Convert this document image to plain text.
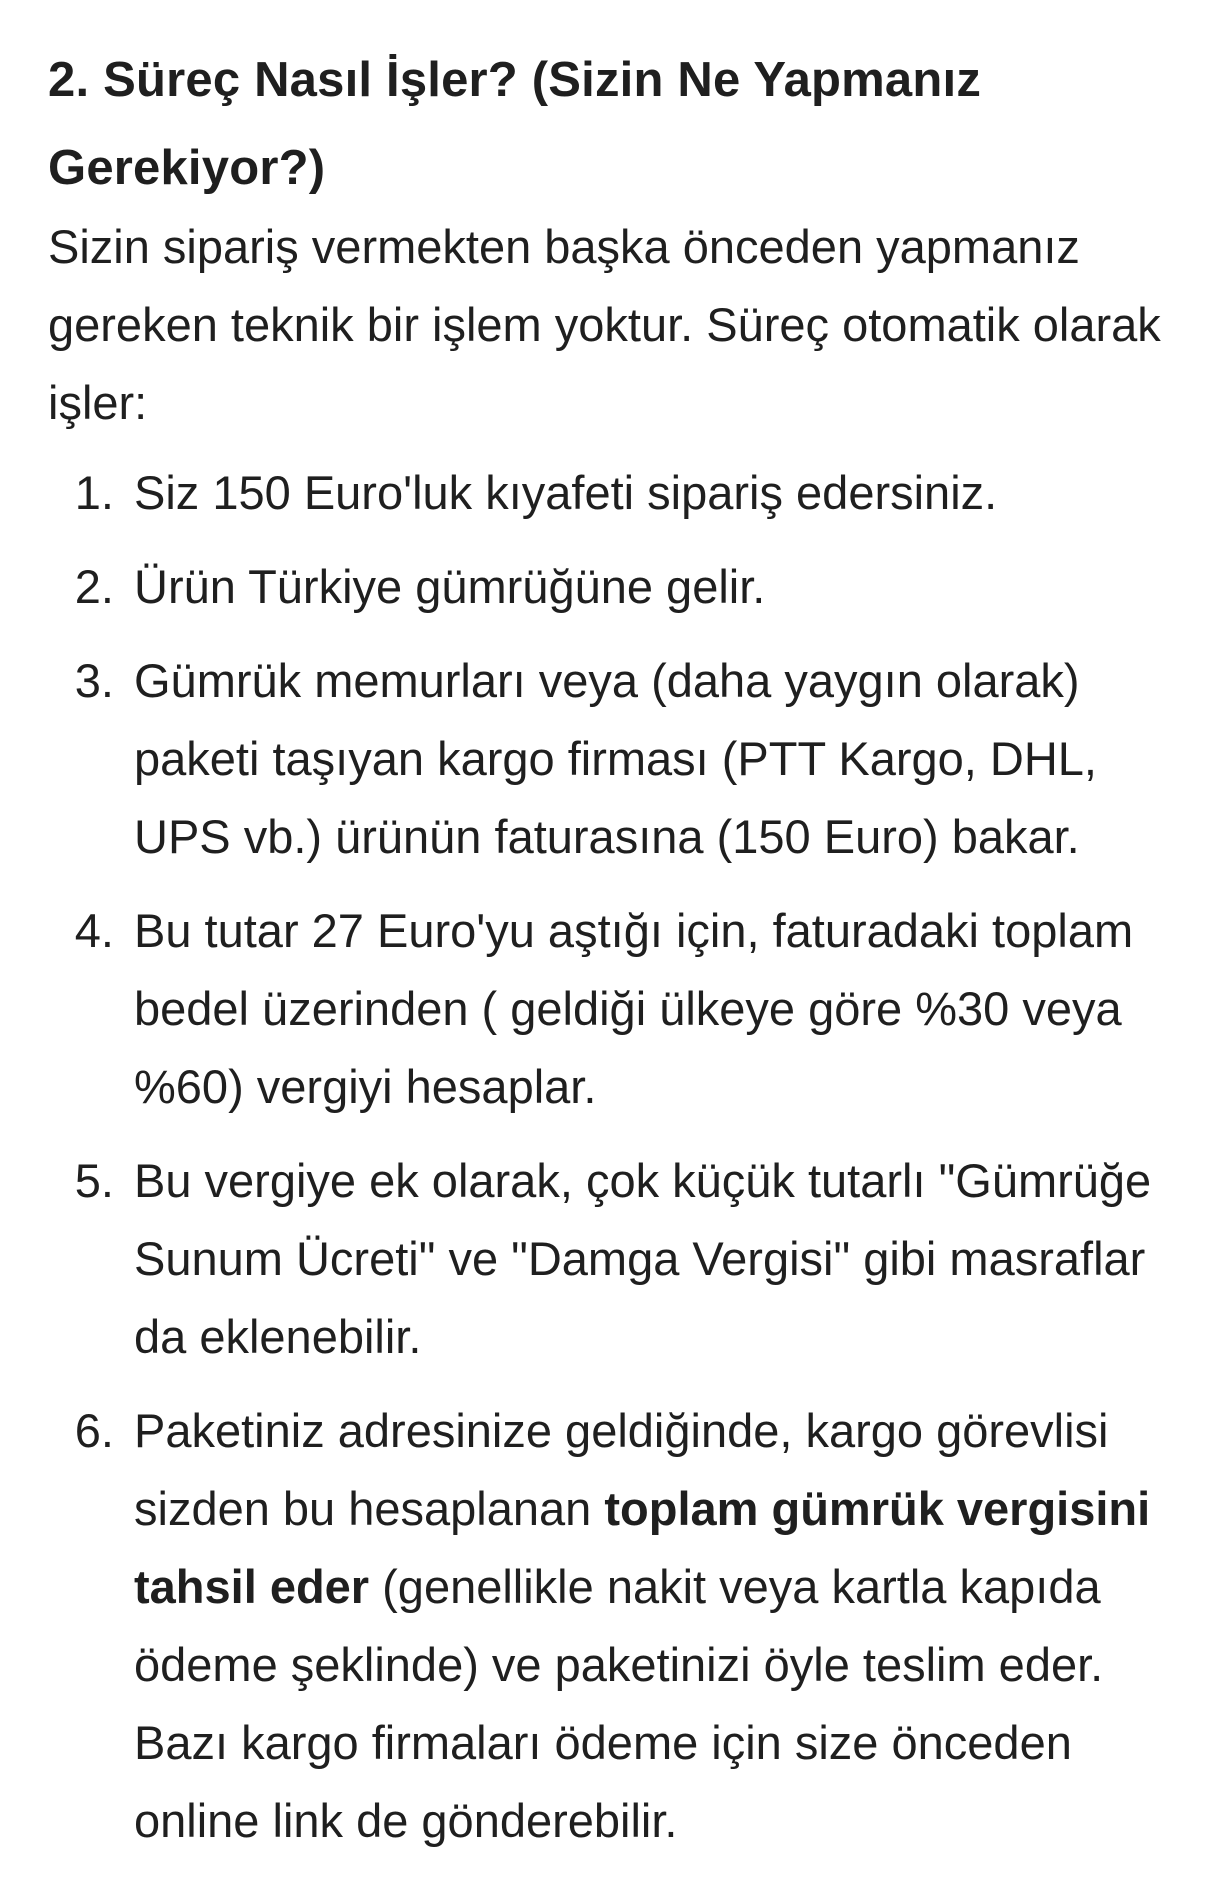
2. Süreç Nasıl İşler? (Sizin Ne Yapmanız Gerekiyor?)

Sizin sipariş vermekten başka önceden yapmanız gereken teknik bir işlem yoktur. Süreç otomatik olarak işler:

1. Siz 150 Euro'luk kıyafeti sipariş edersiniz.
2. Ürün Türkiye gümrüğüne gelir.
3. Gümrük memurları veya (daha yaygın olarak) paketi taşıyan kargo firması (PTT Kargo, DHL, UPS vb.) ürünün faturasına (150 Euro) bakar.
4. Bu tutar 27 Euro'yu aştığı için, faturadaki toplam bedel üzerinden ( geldiği ülkeye göre %30 veya %60) vergiyi hesaplar.
5. Bu vergiye ek olarak, çok küçük tutarlı "Gümrüğe Sunum Ücreti" ve "Damga Vergisi" gibi masraflar da eklenebilir.
6. Paketiniz adresinize geldiğinde, kargo görevlisi sizden bu hesaplanan toplam gümrük vergisini tahsil eder (genellikle nakit veya kartla kapıda ödeme şeklinde) ve paketinizi öyle teslim eder. Bazı kargo firmaları ödeme için size önceden online link de gönderebilir.
